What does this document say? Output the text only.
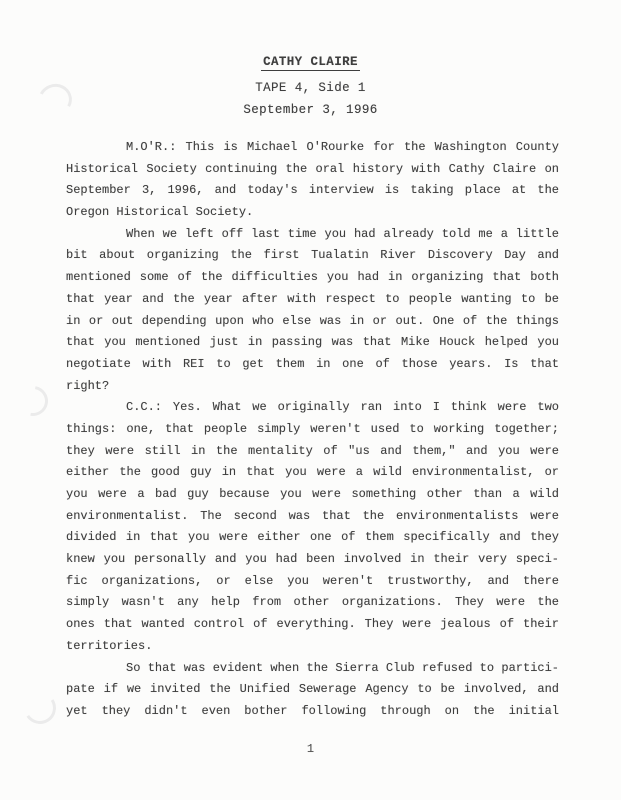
CATHY CLAIRE
TAPE 4, Side 1
September 3, 1996
M.O'R.: This is Michael O'Rourke for the Washington County
Historical Society continuing the oral history with Cathy Claire on
September 3, 1996, and today's interview is taking place at the
Oregon Historical Society.
When we left off last time you had already told me a little
bit about organizing the first Tualatin River Discovery Day and
mentioned some of the difficulties you had in organizing that both
that year and the year after with respect to people wanting to be
in or out depending upon who else was in or out. One of the things
that you mentioned just in passing was that Mike Houck helped you
negotiate with REI to get them in one of those years. Is that
right?
C.C.: Yes. What we originally ran into I think were two
things: one, that people simply weren't used to working together;
they were still in the mentality of "us and them," and you were
either the good guy in that you were a wild environmentalist, or
you were a bad guy because you were something other than a wild
environmentalist. The second was that the environmentalists were
divided in that you were either one of them specifically and they
knew you personally and you had been involved in their very speci-
fic organizations, or else you weren't trustworthy, and there
simply wasn't any help from other organizations. They were the
ones that wanted control of everything. They were jealous of their
territories.
So that was evident when the Sierra Club refused to partici-
pate if we invited the Unified Sewerage Agency to be involved, and
yet they didn't even bother following through on the initial
1
